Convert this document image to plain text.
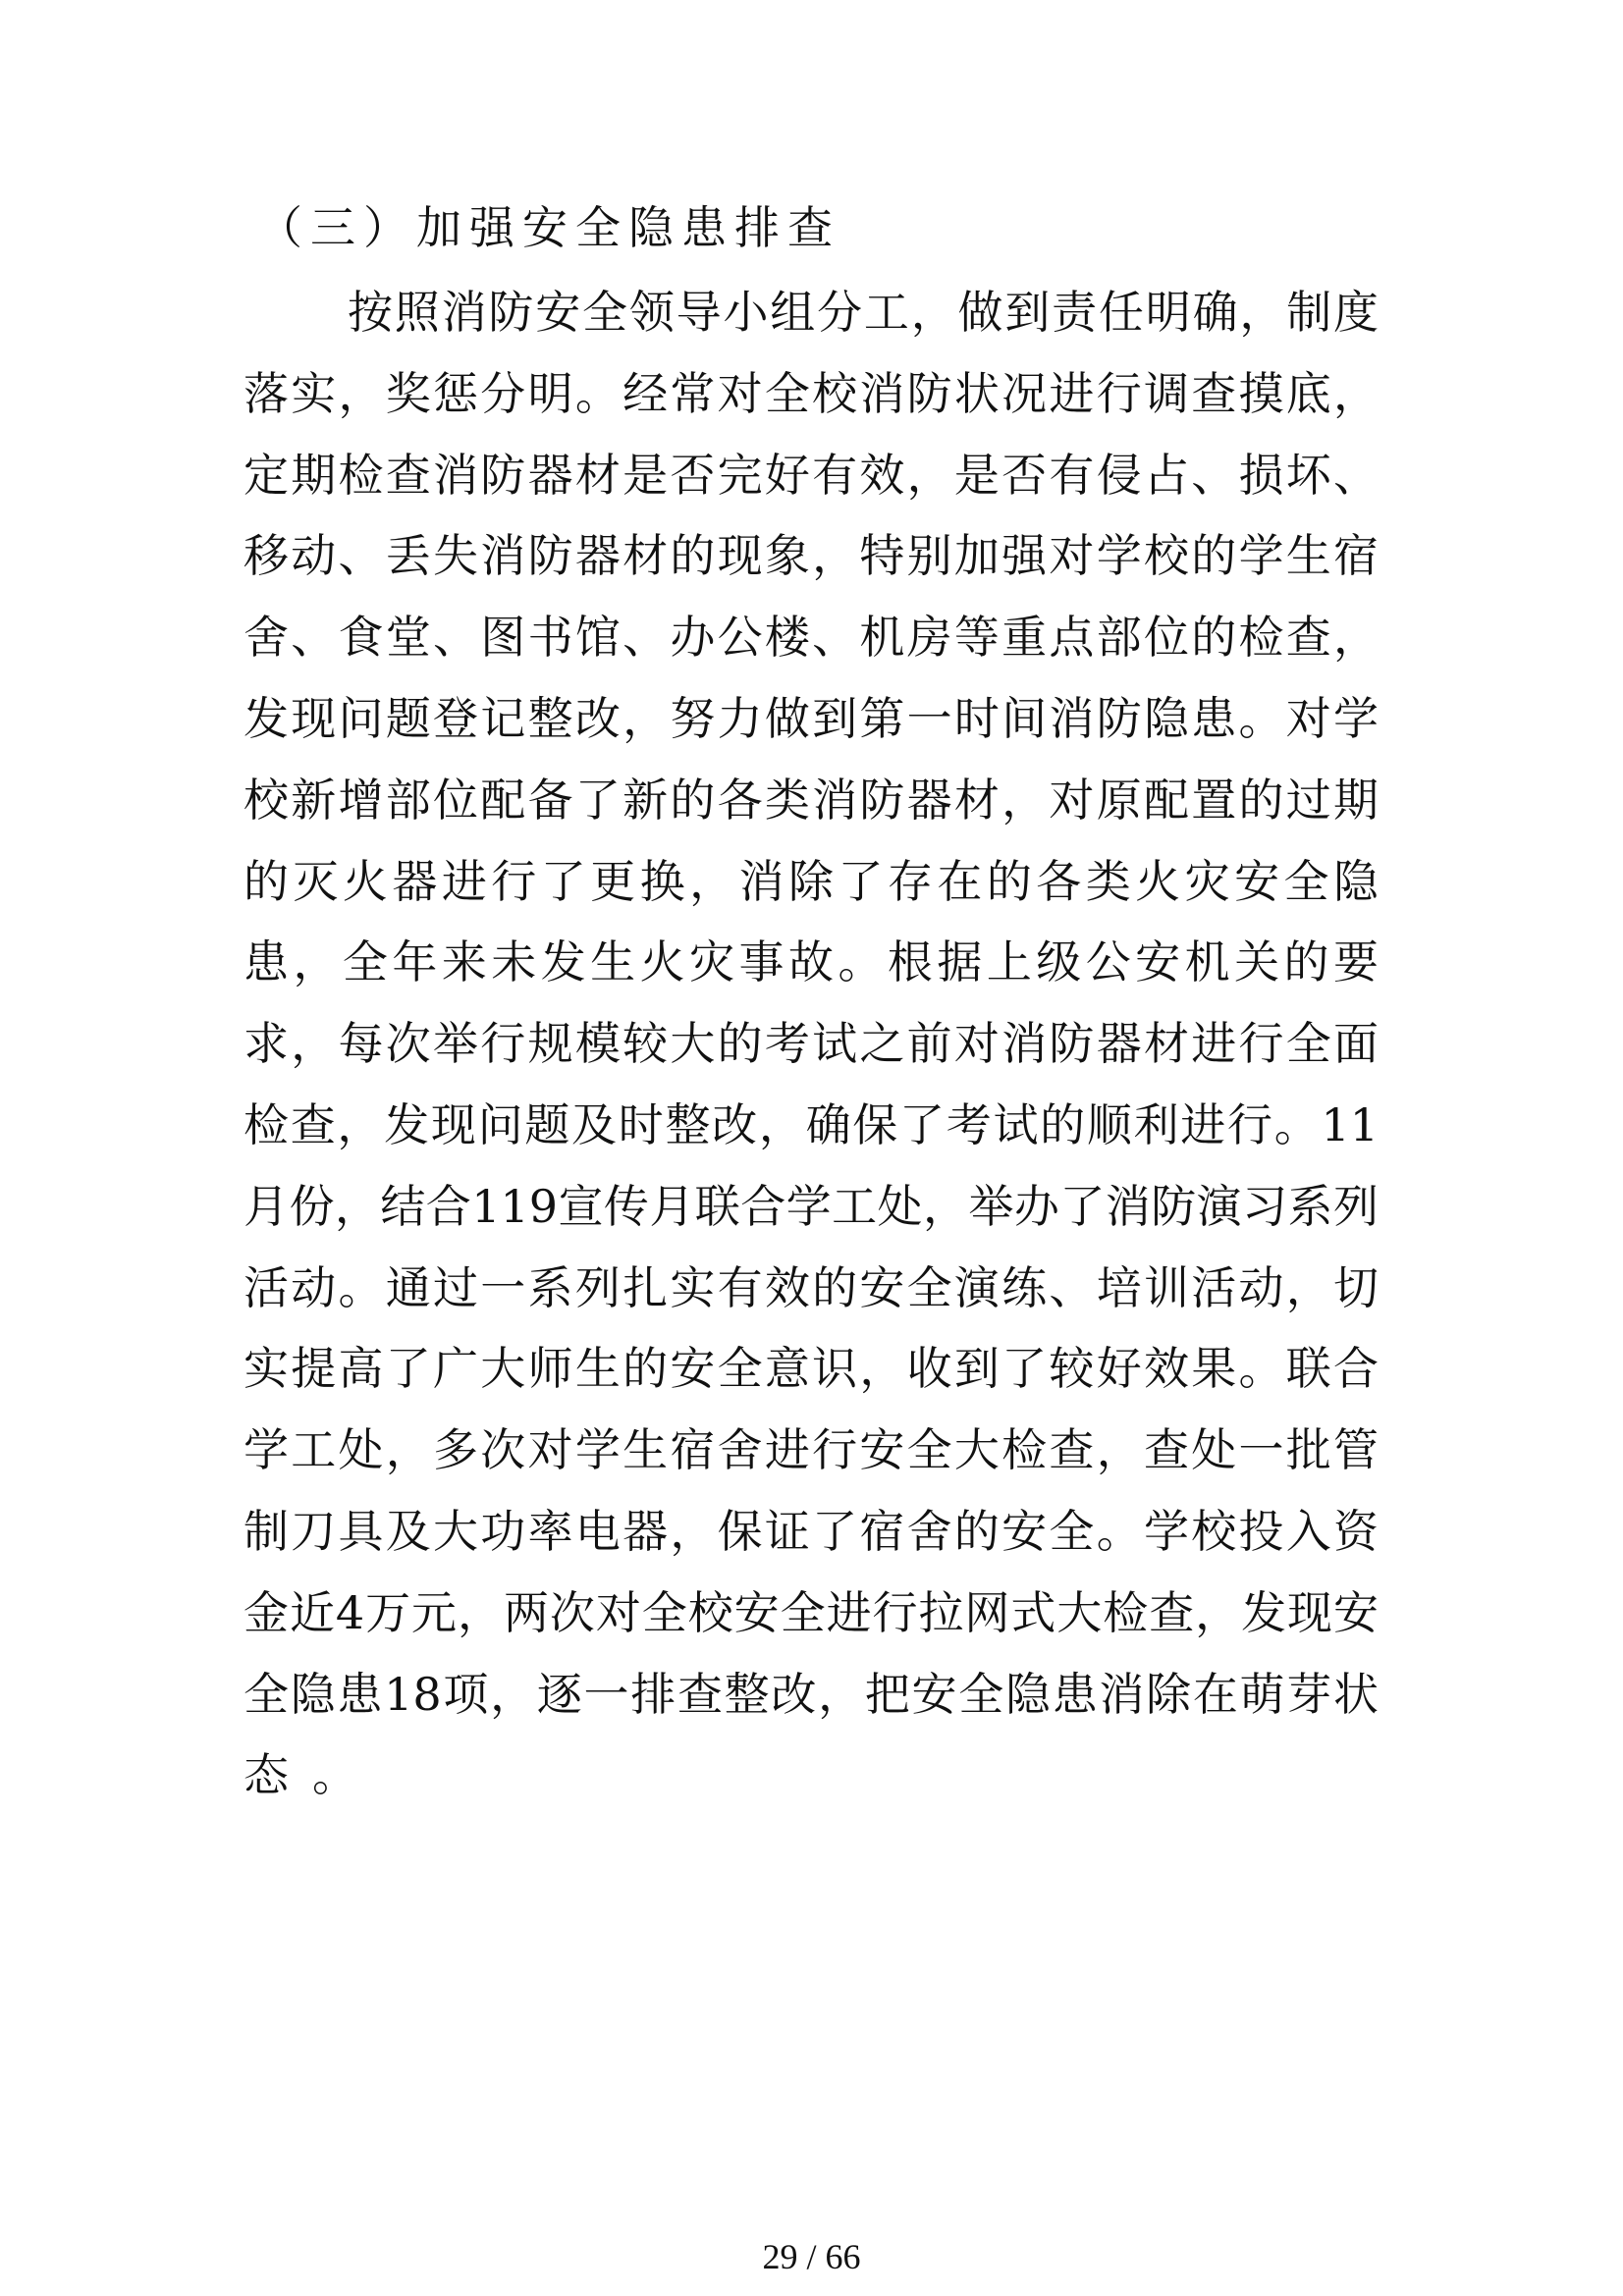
（三）加强安全隐患排查
按照消防安全领导小组分工，做到责任明确，制度
落实，奖惩分明。经常对全校消防状况进行调查摸底，
定期检查消防器材是否完好有效，是否有侵占、损坏、
移动、丢失消防器材的现象，特别加强对学校的学生宿
舍、食堂、图书馆、办公楼、机房等重点部位的检查，
发现问题登记整改，努力做到第一时间消防隐患。对学
校新增部位配备了新的各类消防器材，对原配置的过期
的灭火器进行了更换，消除了存在的各类火灾安全隐
患，全年来未发生火灾事故。根据上级公安机关的要
求，每次举行规模较大的考试之前对消防器材进行全面
检查，发现问题及时整改，确保了考试的顺利进行。11
月份，结合119宣传月联合学工处，举办了消防演习系列
活动。通过一系列扎实有效的安全演练、培训活动，切
实提高了广大师生的安全意识，收到了较好效果。联合
学工处，多次对学生宿舍进行安全大检查，查处一批管
制刀具及大功率电器，保证了宿舍的安全。学校投入资
金近4万元，两次对全校安全进行拉网式大检查，发现安
全隐患18项，逐一排查整改，把安全隐患消除在萌芽状
态。
29 / 66
